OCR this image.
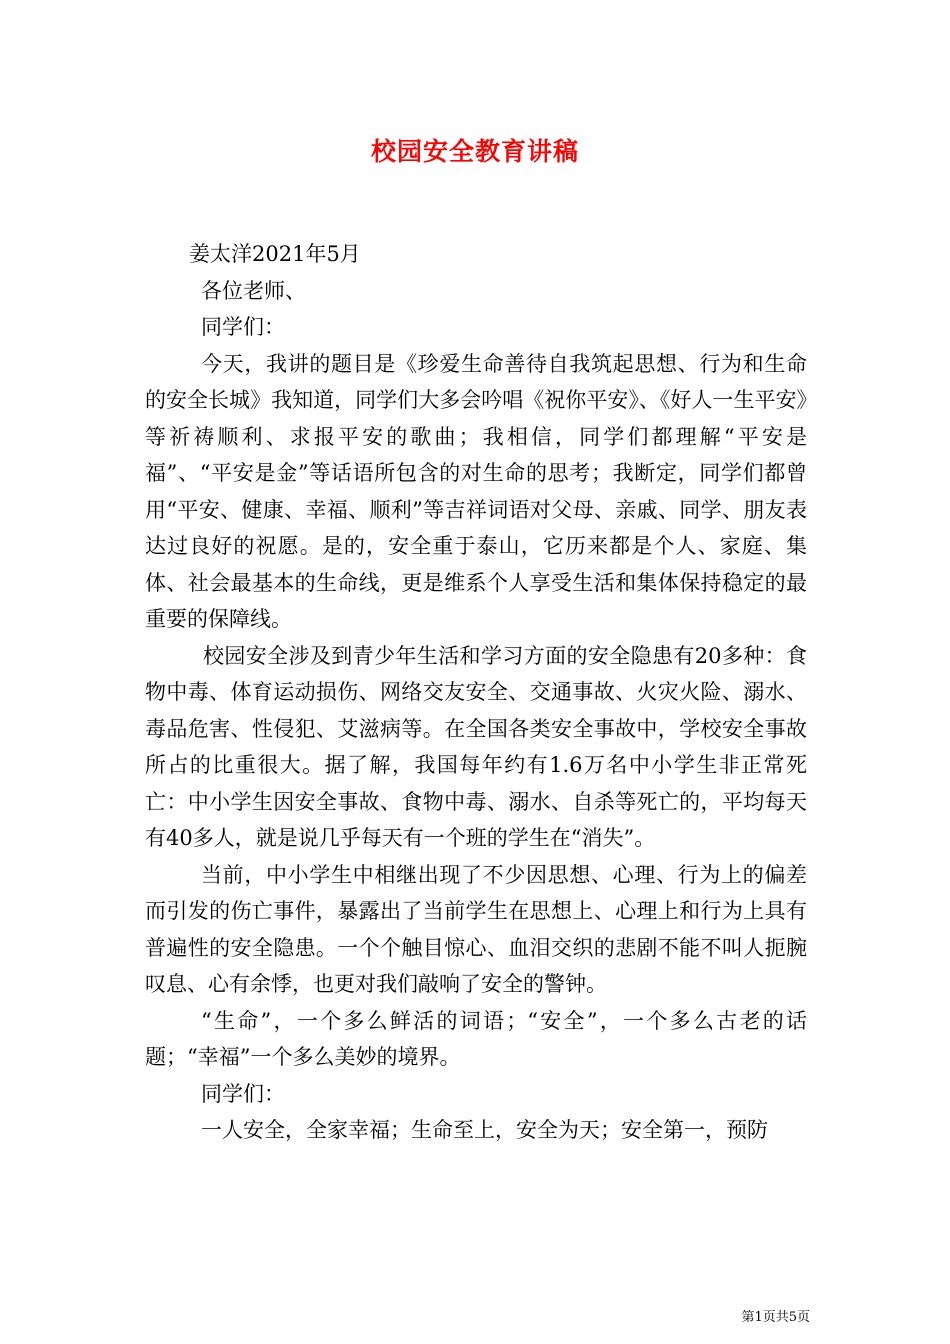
校园安全教育讲稿

姜太洋2021年5月

各位老师、

同学们：

今天，我讲的题目是《珍爱生命善待自我筑起思想、行为和生命的安全长城》我知道，同学们大多会吟唱《祝你平安》、《好人一生平安》等祈祷顺利、求报平安的歌曲；我相信，同学们都理解“平安是福”、“平安是金”等话语所包含的对生命的思考；我断定，同学们都曾用“平安、健康、幸福、顺利”等吉祥词语对父母、亲戚、同学、朋友表达过良好的祝愿。是的，安全重于泰山，它历来都是个人、家庭、集体、社会最基本的生命线，更是维系个人享受生活和集体保持稳定的最重要的保障线。

校园安全涉及到青少年生活和学习方面的安全隐患有20多种：食物中毒、体育运动损伤、网络交友安全、交通事故、火灾火险、溺水、毒品危害、性侵犯、艾滋病等。在全国各类安全事故中，学校安全事故所占的比重很大。据了解，我国每年约有1.6万名中小学生非正常死亡：中小学生因安全事故、食物中毒、溺水、自杀等死亡的，平均每天有40多人，就是说几乎每天有一个班的学生在“消失”。

当前，中小学生中相继出现了不少因思想、心理、行为上的偏差而引发的伤亡事件，暴露出了当前学生在思想上、心理上和行为上具有普遍性的安全隐患。一个个触目惊心、血泪交织的悲剧不能不叫人扼腕叹息、心有余悸，也更对我们敲响了安全的警钟。

“生命”，一个多么鲜活的词语；“安全”，一个多么古老的话题；“幸福”一个多么美妙的境界。

同学们：

一人安全，全家幸福；生命至上，安全为天；安全第一，预防

第1页共5页
